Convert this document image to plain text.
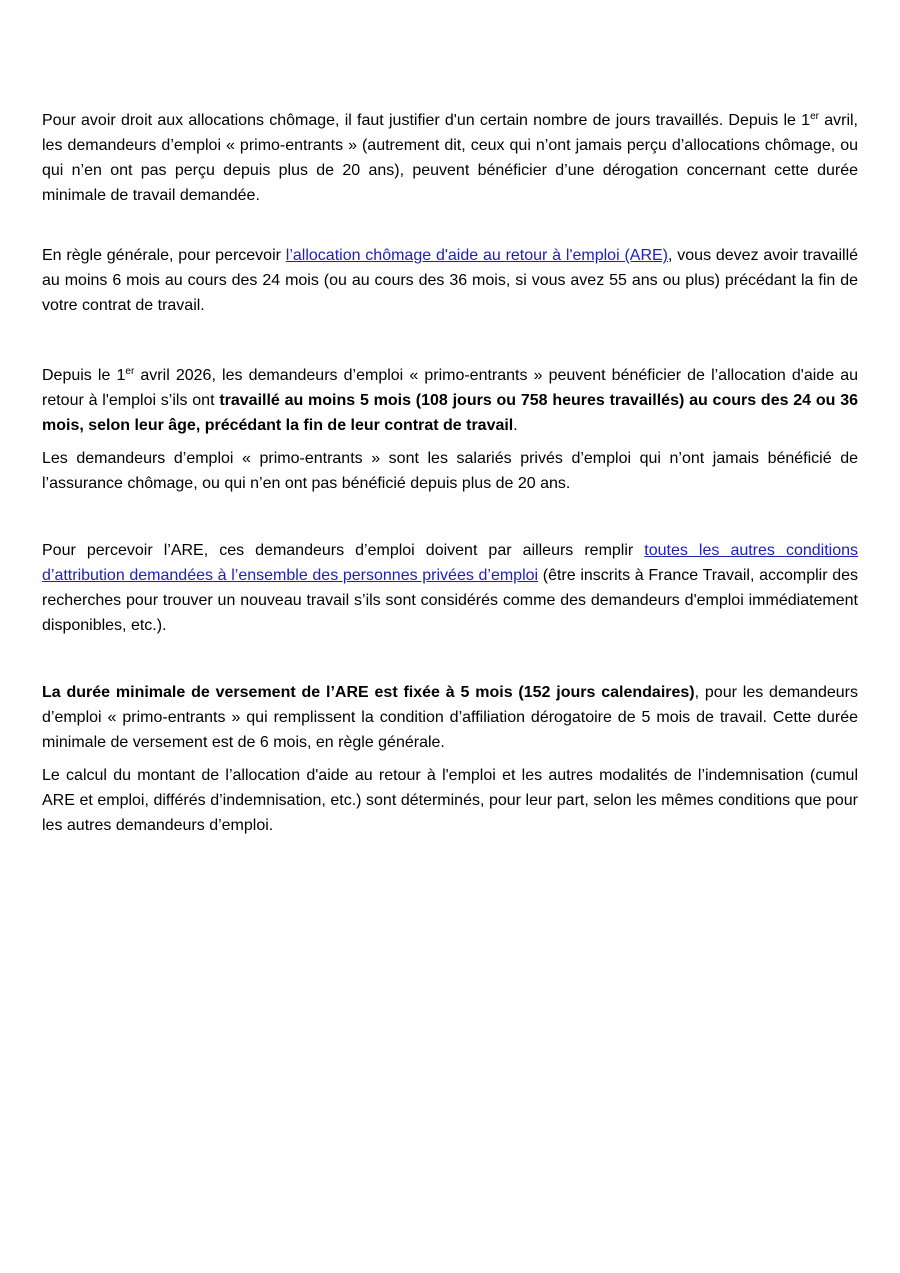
Pour avoir droit aux allocations chômage, il faut justifier d'un certain nombre de jours travaillés. Depuis le 1er avril, les demandeurs d’emploi « primo-entrants » (autrement dit, ceux qui n’ont jamais perçu d’allocations chômage, ou qui n’en ont pas perçu depuis plus de 20 ans), peuvent bénéficier d’une dérogation concernant cette durée minimale de travail demandée.

En règle générale, pour percevoir l’allocation chômage d'aide au retour à l'emploi (ARE), vous devez avoir travaillé au moins 6 mois au cours des 24 mois (ou au cours des 36 mois, si vous avez 55 ans ou plus) précédant la fin de votre contrat de travail.

Depuis le 1er avril 2026, les demandeurs d’emploi « primo-entrants » peuvent bénéficier de l’allocation d'aide au retour à l'emploi s’ils ont travaillé au moins 5 mois (108 jours ou 758 heures travaillés) au cours des 24 ou 36 mois, selon leur âge, précédant la fin de leur contrat de travail.

Les demandeurs d’emploi « primo-entrants » sont les salariés privés d’emploi qui n’ont jamais bénéficié de l’assurance chômage, ou qui n’en ont pas bénéficié depuis plus de 20 ans.

Pour percevoir l’ARE, ces demandeurs d’emploi doivent par ailleurs remplir toutes les autres conditions d’attribution demandées à l’ensemble des personnes privées d’emploi (être inscrits à France Travail, accomplir des recherches pour trouver un nouveau travail s’ils sont considérés comme des demandeurs d'emploi immédiatement disponibles, etc.).

La durée minimale de versement de l’ARE est fixée à 5 mois (152 jours calendaires), pour les demandeurs d’emploi « primo-entrants » qui remplissent la condition d’affiliation dérogatoire de 5 mois de travail. Cette durée minimale de versement est de 6 mois, en règle générale.

Le calcul du montant de l’allocation d'aide au retour à l'emploi et les autres modalités de l’indemnisation (cumul ARE et emploi, différés d’indemnisation, etc.) sont déterminés, pour leur part, selon les mêmes conditions que pour les autres demandeurs d’emploi.
